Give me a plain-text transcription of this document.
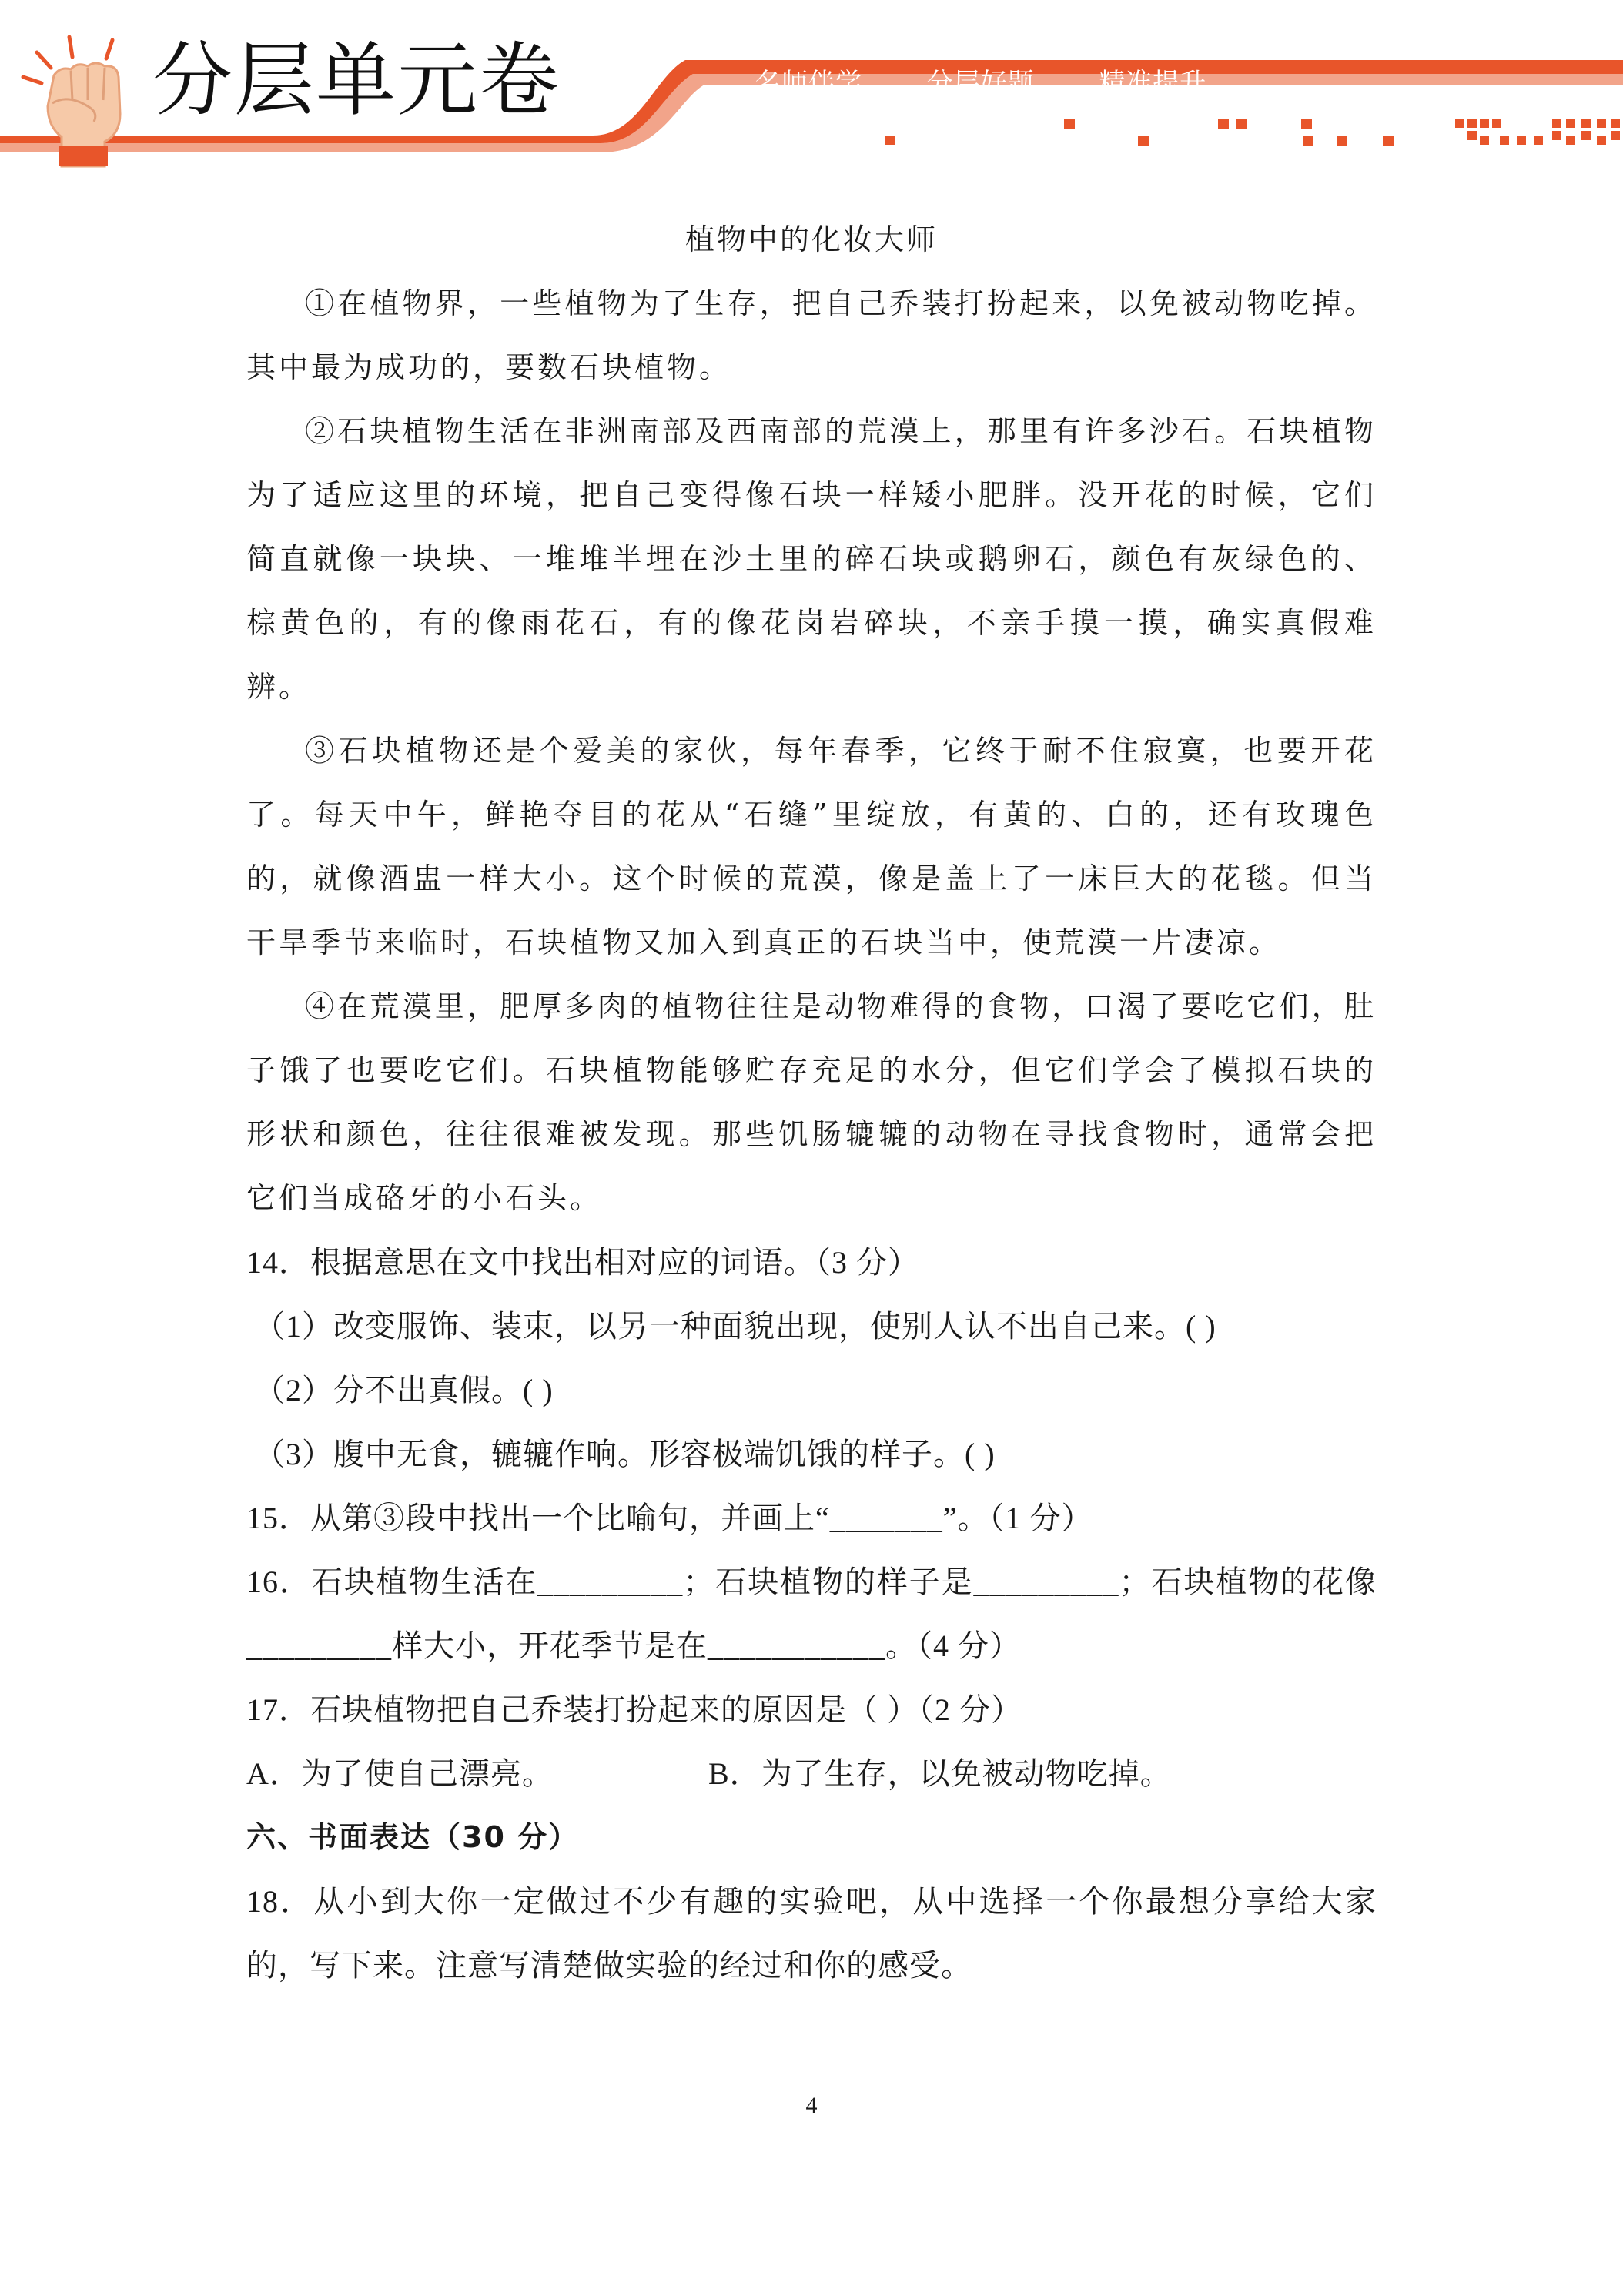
分层单元卷	名师伴学  分层好题  精准提升

植物中的化妆大师

①在植物界，一些植物为了生存，把自己乔装打扮起来，以免被动物吃掉。其中最为成功的，要数石块植物。

②石块植物生活在非洲南部及西南部的荒漠上，那里有许多沙石。石块植物为了适应这里的环境，把自己变得像石块一样矮小肥胖。没开花的时候，它们简直就像一块块、一堆堆半埋在沙土里的碎石块或鹅卵石，颜色有灰绿色的、棕黄色的，有的像雨花石，有的像花岗岩碎块，不亲手摸一摸，确实真假难辨。

③石块植物还是个爱美的家伙，每年春季，它终于耐不住寂寞，也要开花了。每天中午，鲜艳夺目的花从“石缝”里绽放，有黄的、白的，还有玫瑰色的，就像酒盅一样大小。这个时候的荒漠，像是盖上了一床巨大的花毯。但当干旱季节来临时，石块植物又加入到真正的石块当中，使荒漠一片凄凉。

④在荒漠里，肥厚多肉的植物往往是动物难得的食物，口渴了要吃它们，肚子饿了也要吃它们。石块植物能够贮存充足的水分，但它们学会了模拟石块的形状和颜色，往往很难被发现。那些饥肠辘辘的动物在寻找食物时，通常会把它们当成硌牙的小石头。

14．根据意思在文中找出相对应的词语。（3 分）

（1）改变服饰、装束，以另一种面貌出现，使别人认不出自己来。( )

（2）分不出真假。( )

（3）腹中无食，辘辘作响。形容极端饥饿的样子。( )

15．从第③段中找出一个比喻句，并画上“_______”。（1 分）

16．石块植物生活在_________；石块植物的样子是_________；石块植物的花像_________样大小，开花季节是在___________。（4 分）

17．石块植物把自己乔装打扮起来的原因是（ ）（2 分）

A．为了使自己漂亮。	B．为了生存，以免被动物吃掉。

六、书面表达（30 分）

18．从小到大你一定做过不少有趣的实验吧，从中选择一个你最想分享给大家的，写下来。注意写清楚做实验的经过和你的感受。

4
